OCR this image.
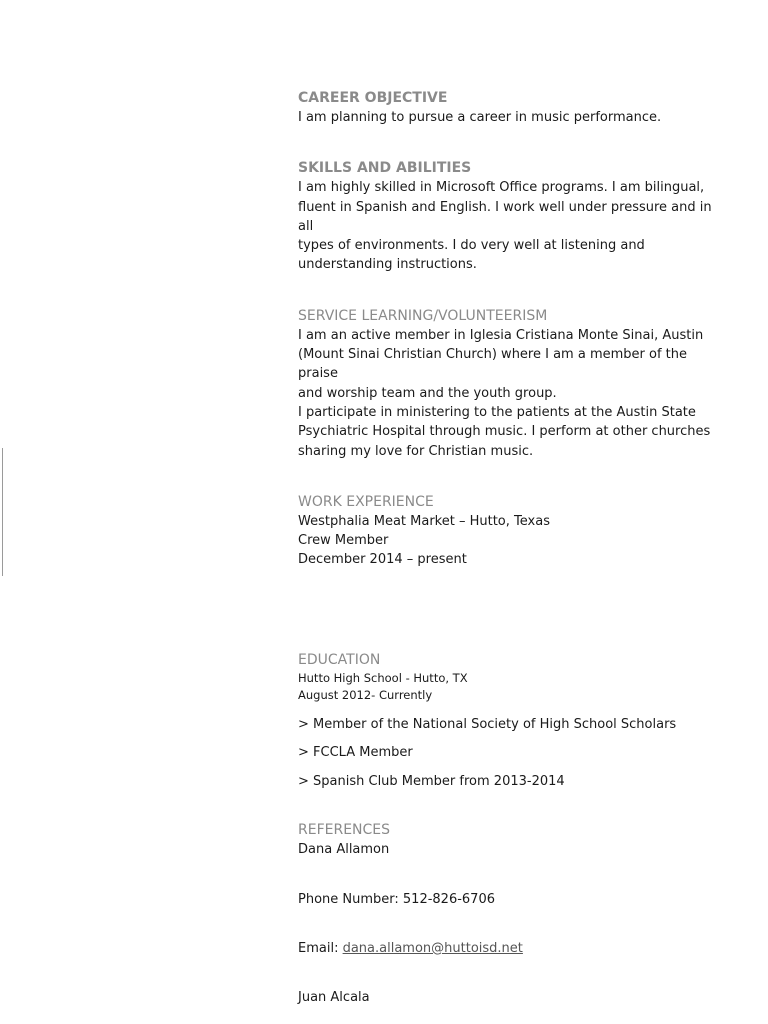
CAREER OBJECTIVE

I am planning to pursue a career in music performance.

SKILLS AND ABILITIES

I am highly skilled in Microsoft Office programs. I am bilingual,

fluent in Spanish and English. I work well under pressure and in all

types of environments. I do very well at listening and

understanding instructions.

SERVICE LEARNING/VOLUNTEERISM

I am an active member in Iglesia Cristiana Monte Sinai, Austin

(Mount Sinai Christian Church) where I am a member of the praise

and worship team and the youth group.

I participate in ministering to the patients at the Austin State

Psychiatric Hospital through music. I perform at other churches

sharing my love for Christian music.

WORK EXPERIENCE

Westphalia Meat Market – Hutto, Texas

Crew Member

December 2014 – present

EDUCATION

Hutto High School - Hutto, TX

August 2012- Currently

> Member of the National Society of High School Scholars

> FCCLA Member

> Spanish Club Member from 2013-2014

REFERENCES

Dana Allamon

Phone Number: 512-826-6706

Email: dana.allamon@huttoisd.net

Juan Alcala
